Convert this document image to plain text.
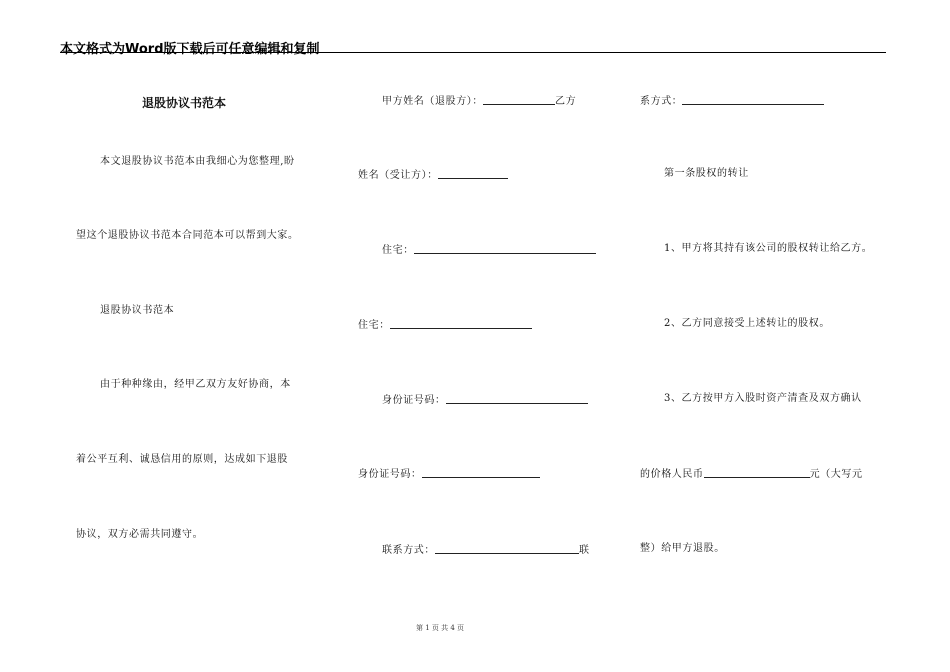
本文格式为Word版下载后可任意编辑和复制
退股协议书范本
本文退股协议书范本由我细心为您整理,盼
望这个退股协议书范本合同范本可以帮到大家。
退股协议书范本
由于种种缘由，经甲乙双方友好协商，本
着公平互利、诚恳信用的原则，达成如下退股
协议，双方必需共同遵守。
甲方姓名（退股方）：	乙方
姓名（受让方）：
住宅：
住宅：
身份证号码：
身份证号码：
联系方式：	联
系方式：
第一条股权的转让
1、甲方将其持有该公司的股权转让给乙方。
2、乙方同意接受上述转让的股权。
3、乙方按甲方入股时资产清查及双方确认
的价格人民币	元（大写元
整）给甲方退股。
第 1 页 共 4 页
